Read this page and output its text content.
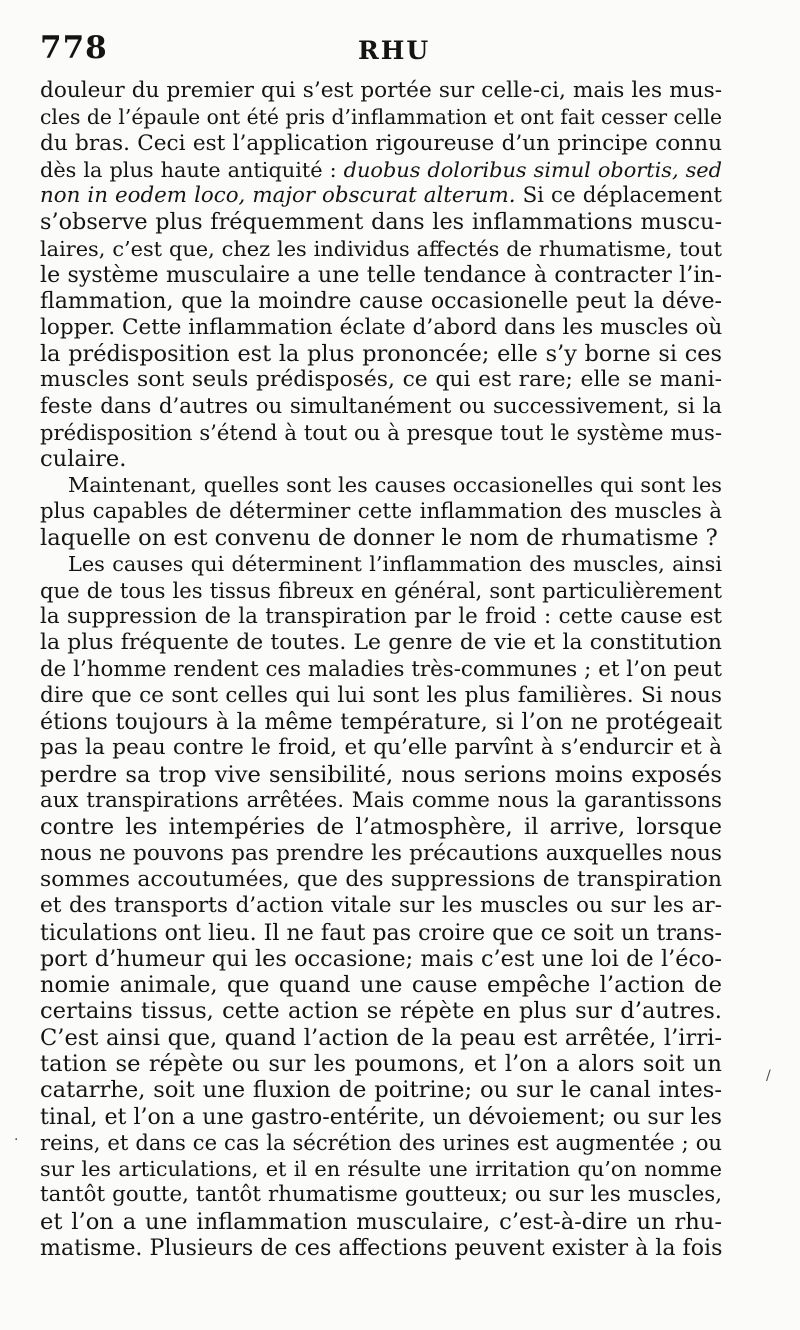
778	RHU
douleur du premier qui s’est portée sur celle-ci, mais les mus-
cles de l’épaule ont été pris d’inflammation et ont fait cesser celle
du bras. Ceci est l’application rigoureuse d’un principe connu
dès la plus haute antiquité : duobus doloribus simul obortis, sed
non in eodem loco, major obscurat alterum. Si ce déplacement
s’observe plus fréquemment dans les inflammations muscu-
laires, c’est que, chez les individus affectés de rhumatisme, tout
le système musculaire a une telle tendance à contracter l’in-
flammation, que la moindre cause occasionelle peut la déve-
lopper. Cette inflammation éclate d’abord dans les muscles où
la prédisposition est la plus prononcée; elle s’y borne si ces
muscles sont seuls prédisposés, ce qui est rare; elle se mani-
feste dans d’autres ou simultanément ou successivement, si la
prédisposition s’étend à tout ou à presque tout le système mus-
culaire.
Maintenant, quelles sont les causes occasionelles qui sont les
plus capables de déterminer cette inflammation des muscles à
laquelle on est convenu de donner le nom de rhumatisme ?
Les causes qui déterminent l’inflammation des muscles, ainsi
que de tous les tissus fibreux en général, sont particulièrement
la suppression de la transpiration par le froid : cette cause est
la plus fréquente de toutes. Le genre de vie et la constitution
de l’homme rendent ces maladies très-communes ; et l’on peut
dire que ce sont celles qui lui sont les plus familières. Si nous
étions toujours à la même température, si l’on ne protégeait
pas la peau contre le froid, et qu’elle parvînt à s’endurcir et à
perdre sa trop vive sensibilité, nous serions moins exposés
aux transpirations arrêtées. Mais comme nous la garantissons
contre les intempéries de l’atmosphère, il arrive, lorsque
nous ne pouvons pas prendre les précautions auxquelles nous
sommes accoutumées, que des suppressions de transpiration
et des transports d’action vitale sur les muscles ou sur les ar-
ticulations ont lieu. Il ne faut pas croire que ce soit un trans-
port d’humeur qui les occasione; mais c’est une loi de l’éco-
nomie animale, que quand une cause empêche l’action de
certains tissus, cette action se répète en plus sur d’autres.
C’est ainsi que, quand l’action de la peau est arrêtée, l’irri-
tation se répète ou sur les poumons, et l’on a alors soit un
catarrhe, soit une fluxion de poitrine; ou sur le canal intes-
tinal, et l’on a une gastro-entérite, un dévoiement; ou sur les
reins, et dans ce cas la sécrétion des urines est augmentée ; ou
sur les articulations, et il en résulte une irritation qu’on nomme
tantôt goutte, tantôt rhumatisme goutteux; ou sur les muscles,
et l’on a une inflammation musculaire, c’est-à-dire un rhu-
matisme. Plusieurs de ces affections peuvent exister à la fois
/
·
